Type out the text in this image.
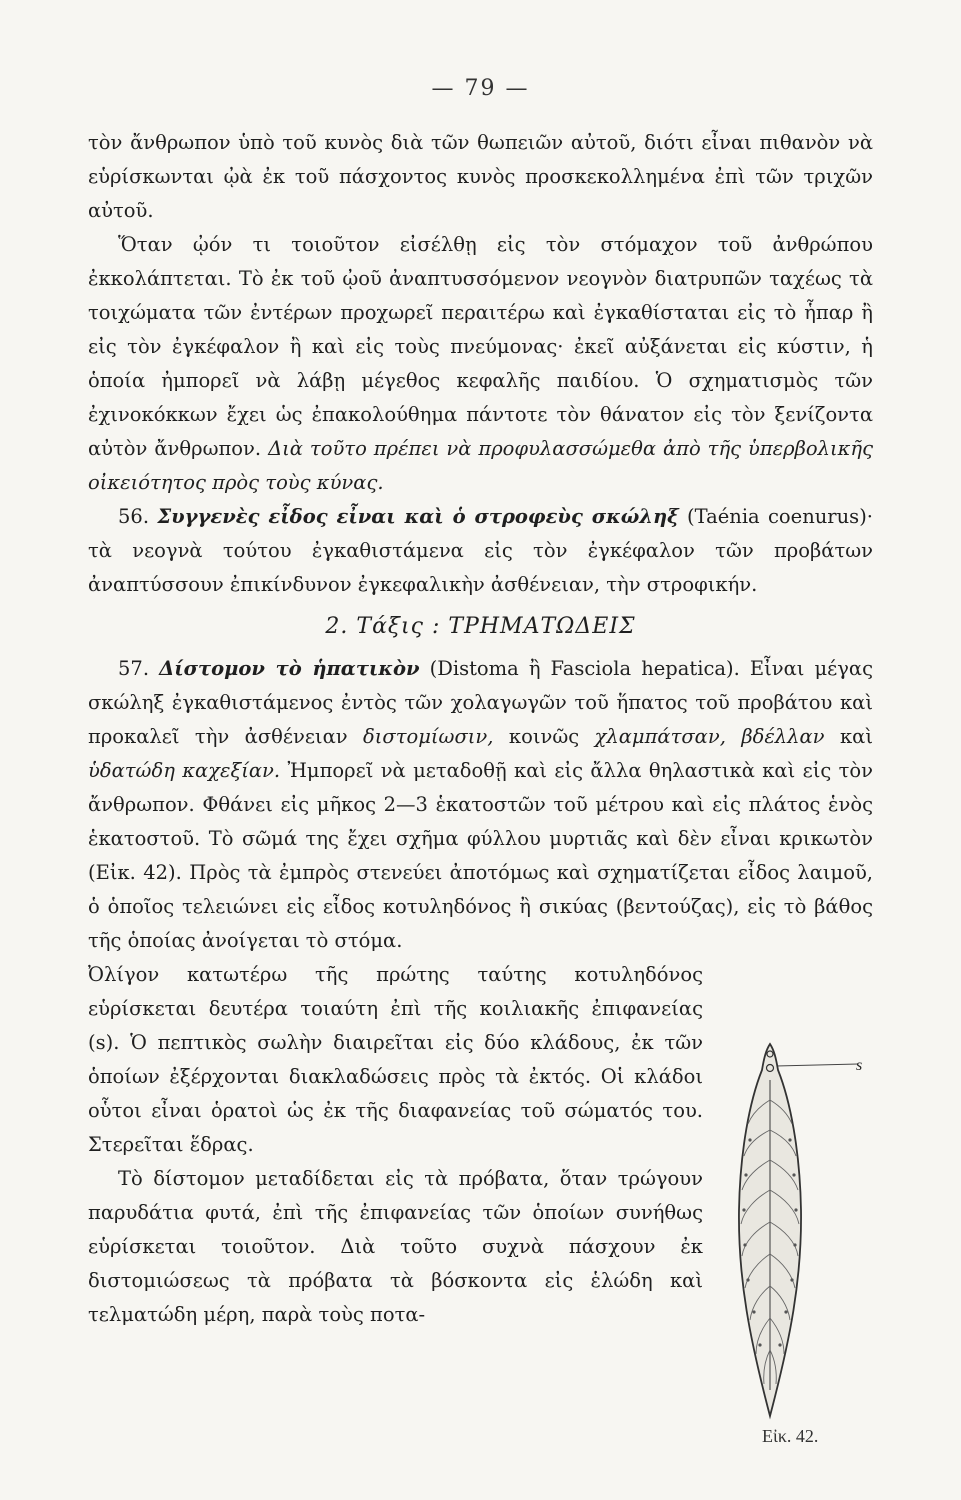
— 79 —

τὸν ἄνθρωπον ὑπὸ τοῦ κυνὸς διὰ τῶν θωπειῶν αὐτοῦ, διότι εἶναι πιθανὸν νὰ εὑρίσκωνται ᾠὰ ἐκ τοῦ πάσχοντος κυνὸς προσκεκολλημένα ἐπὶ τῶν τριχῶν αὐτοῦ.

Ὅταν ᾠόν τι τοιοῦτον εἰσέλθῃ εἰς τὸν στόμαχον τοῦ ἀνθρώπου ἐκκολάπτεται. Τὸ ἐκ τοῦ ᾠοῦ ἀναπτυσσόμενον νεογνὸν διατρυπῶν ταχέως τὰ τοιχώματα τῶν ἐντέρων προχωρεῖ περαιτέρω καὶ ἐγκαθίσταται εἰς τὸ ἧπαρ ἢ εἰς τὸν ἐγκέφαλον ἢ καὶ εἰς τοὺς πνεύμονας· ἐκεῖ αὐξάνεται εἰς κύστιν, ἡ ὁποία ἠμπορεῖ νὰ λάβῃ μέγεθος κεφαλῆς παιδίου. Ὁ σχηματισμὸς τῶν ἐχινοκόκκων ἔχει ὡς ἐπακολούθημα πάντοτε τὸν θάνατον εἰς τὸν ξενίζοντα αὐτὸν ἄνθρωπον. Διὰ τοῦτο πρέπει νὰ προφυλασσώμεθα ἀπὸ τῆς ὑπερβολικῆς οἰκειότητος πρὸς τοὺς κύνας.

56. Συγγενὲς εἶδος εἶναι καὶ ὁ στροφεὺς σκώληξ (Taénia coenurus)· τὰ νεογνὰ τούτου ἐγκαθιστάμενα εἰς τὸν ἐγκέφαλον τῶν προβάτων ἀναπτύσσουν ἐπικίνδυνον ἐγκεφαλικὴν ἀσθένειαν, τὴν στροφικήν.

2. Τάξις : ΤΡΗΜΑΤΩΔΕΙΣ

57. Δίστομον τὸ ἡπατικὸν (Distoma ἢ Fasciola hepatica). Εἶναι μέγας σκώληξ ἐγκαθιστάμενος ἐντὸς τῶν χολαγωγῶν τοῦ ἥπατος τοῦ προβάτου καὶ προκαλεῖ τὴν ἀσθένειαν διστομίωσιν, κοινῶς χλαμπάτσαν, βδέλλαν καὶ ὑδατώδη καχεξίαν. Ἠμπορεῖ νὰ μεταδοθῇ καὶ εἰς ἄλλα θηλαστικὰ καὶ εἰς τὸν ἄνθρωπον. Φθάνει εἰς μῆκος 2—3 ἑκατοστῶν τοῦ μέτρου καὶ εἰς πλάτος ἑνὸς ἑκατοστοῦ. Τὸ σῶμά της ἔχει σχῆμα φύλλου μυρτιᾶς καὶ δὲν εἶναι κρικωτὸν (Εἰκ. 42). Πρὸς τὰ ἐμπρὸς στενεύει ἀποτόμως καὶ σχηματίζεται εἶδος λαιμοῦ, ὁ ὁποῖος τελειώνει εἰς εἶδος κοτυληδόνος ἢ σικύας (βεντούζας), εἰς τὸ βάθος τῆς ὁποίας ἀνοίγεται τὸ στόμα.

Ὀλίγον κατωτέρω τῆς πρώτης ταύτης κοτυληδόνος εὑρίσκεται δευτέρα τοιαύτη ἐπὶ τῆς κοιλιακῆς ἐπιφανείας (s). Ὁ πεπτικὸς σωλὴν διαιρεῖται εἰς δύο κλάδους, ἐκ τῶν ὁποίων ἐξέρχονται διακλαδώσεις πρὸς τὰ ἐκτός. Οἱ κλάδοι οὗτοι εἶναι ὁρατοὶ ὡς ἐκ τῆς διαφανείας τοῦ σώματός του. Στερεῖται ἕδρας.

Τὸ δίστομον μεταδίδεται εἰς τὰ πρόβατα, ὅταν τρώγουν παρυδάτια φυτά, ἐπὶ τῆς ἐπιφανείας τῶν ὁποίων συνήθως εὑρίσκεται τοιοῦτον. Διὰ τοῦτο συχνὰ πάσχουν ἐκ διστομιώσεως τὰ πρόβατα τὰ βόσκοντα εἰς ἑλώδη καὶ τελματώδη μέρη, παρὰ τοὺς ποτα-

s
Εἰκ. 42.
